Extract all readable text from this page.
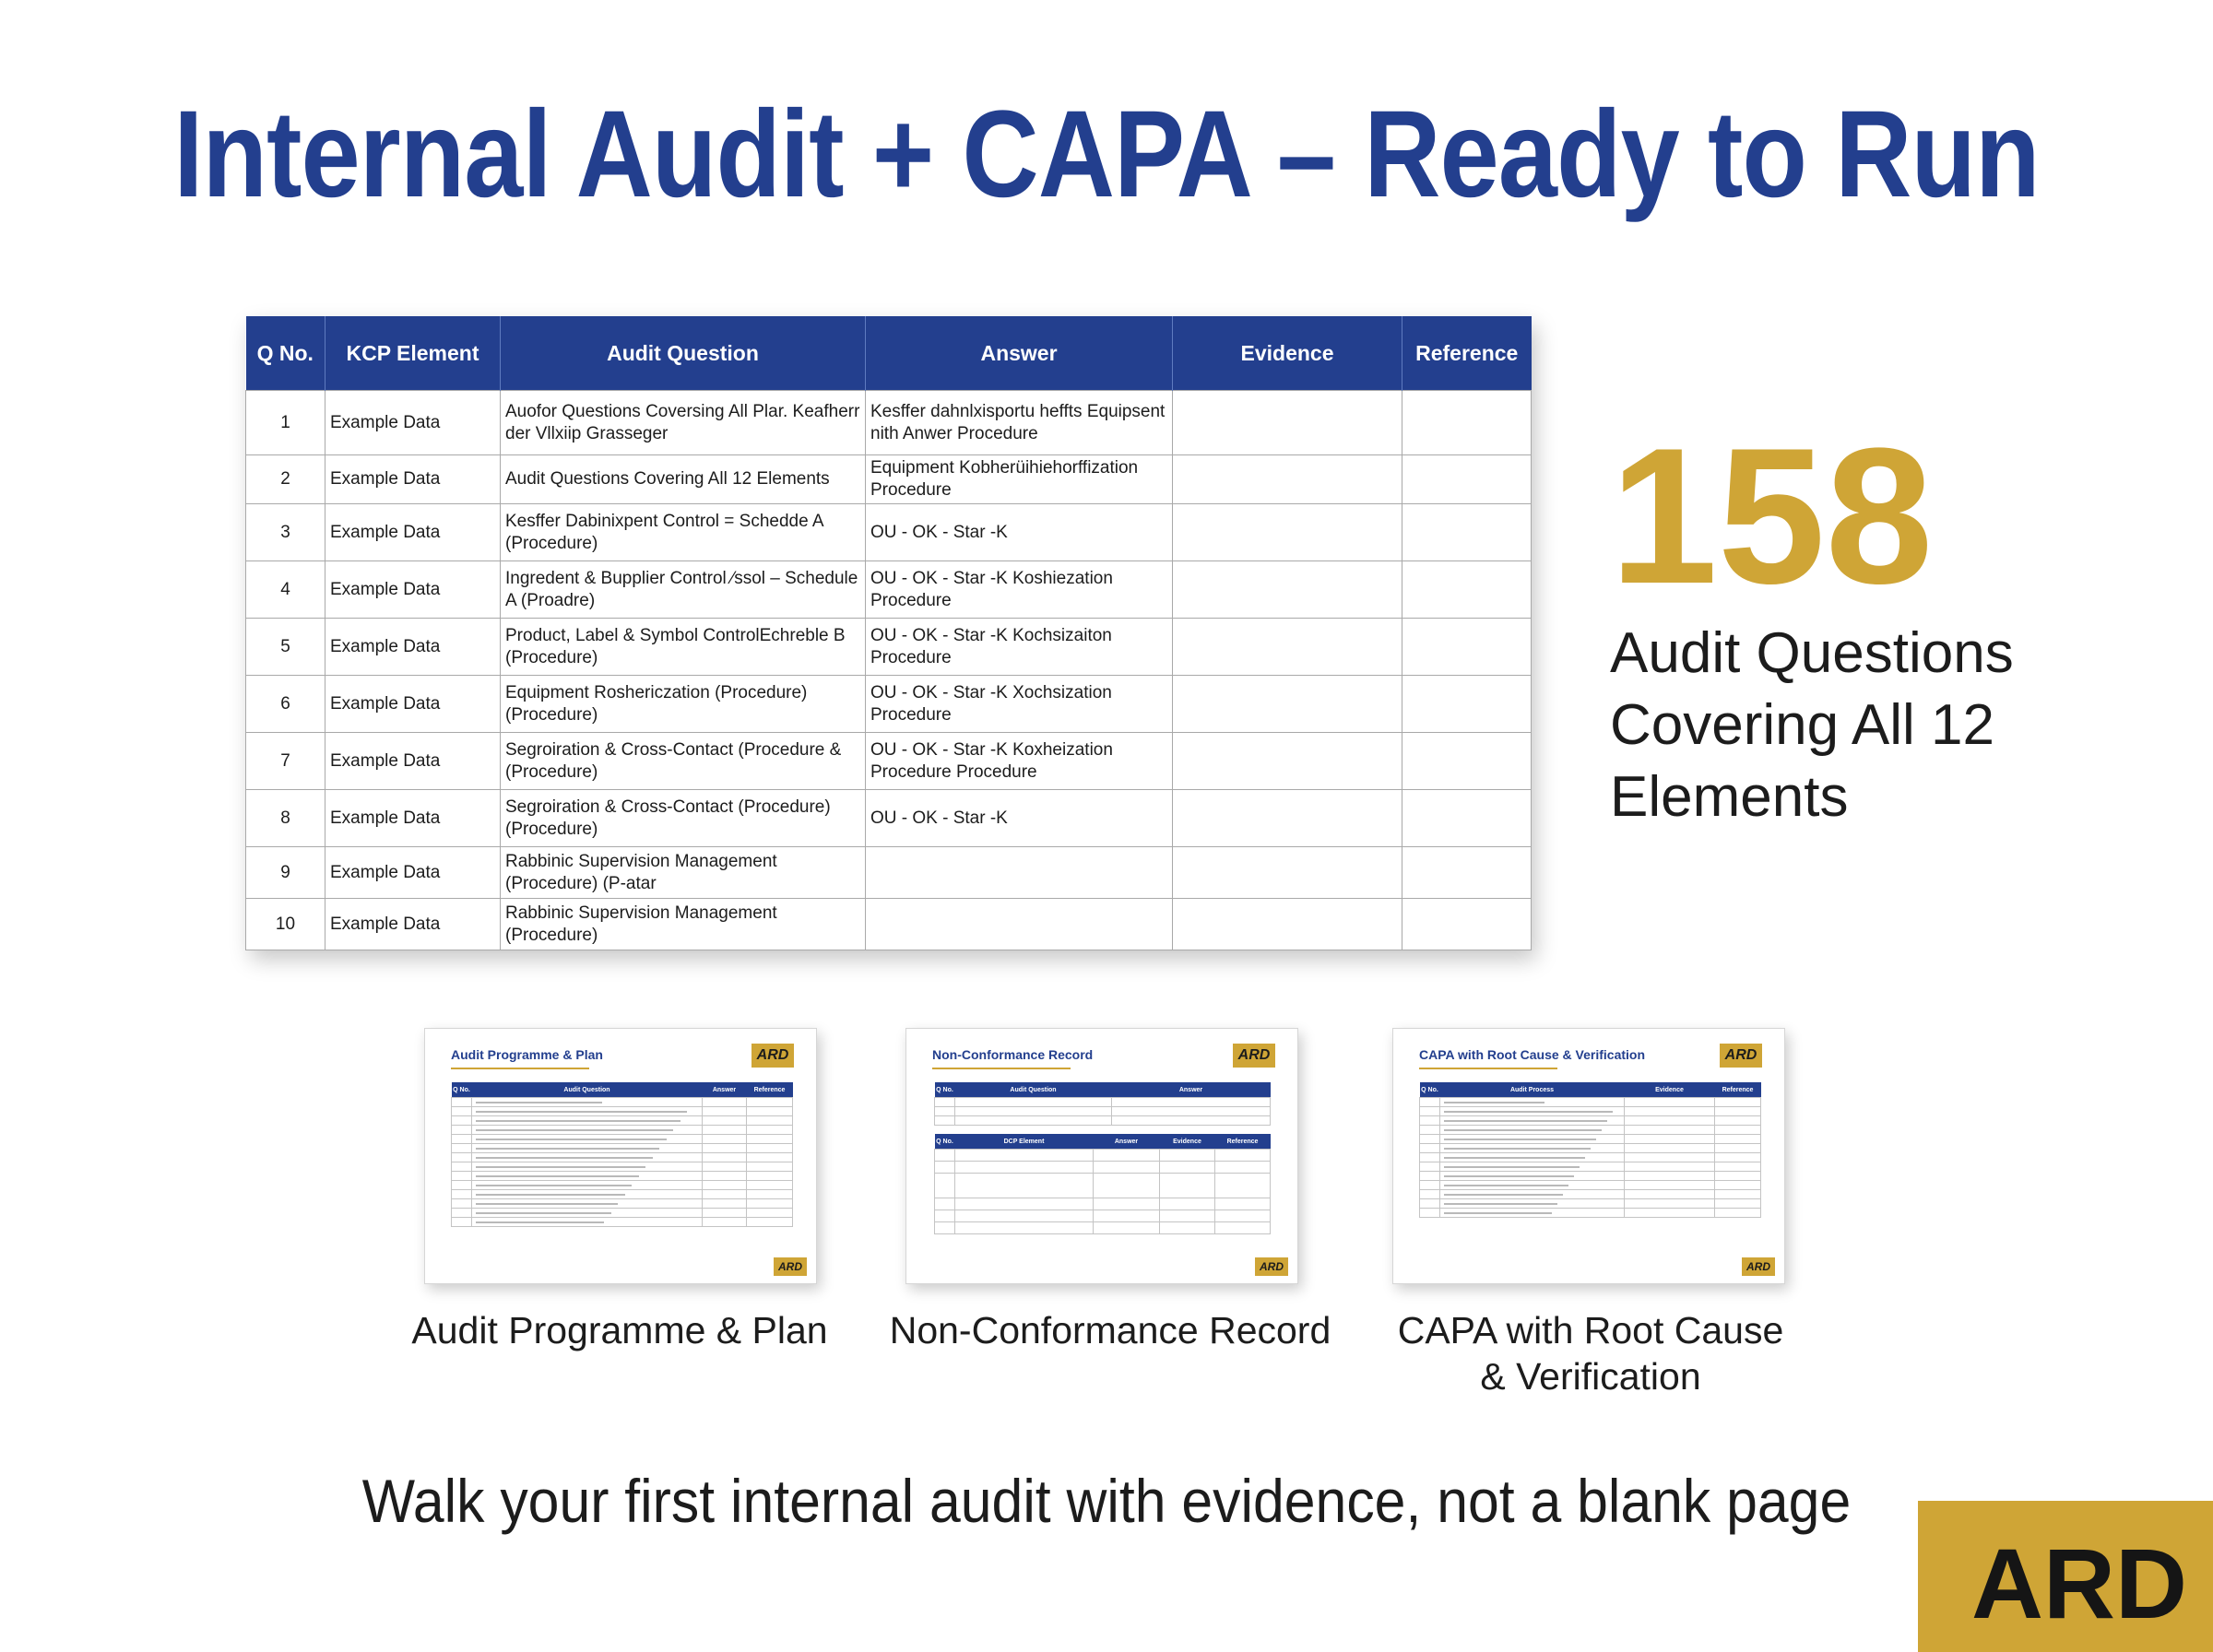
Internal Audit + CAPA – Ready to Run
Q No.	KCP Element	Audit Question	Answer	Evidence	Reference
1	Example Data	Auofor Questions Coversing All Plar. Keafherr der Vllxiip Grasseger	Kesffer dahnlxisportu heffts Equipsent nith Anwer Procedure		
2	Example Data	Audit Questions Covering All 12 Elements	Equipment Kobherüihiehorffization Procedure		
3	Example Data	Kesffer Dabinixpent Control = Schedde A (Procedure)	OU - OK - Star -K		
4	Example Data	Ingredent & Bupplier Control ⁄ssol – Schedule A (Proadre)	OU - OK - Star -K Koshiezation Procedure		
5	Example Data	Product, Label & Symbol ControlEchreble B (Procedure)	OU - OK - Star -K Kochsizaiton Procedure		
6	Example Data	Equipment Roshericzation (Procedure) (Procedure)	OU - OK - Star -K Xochsization Procedure		
7	Example Data	Segroiration & Cross-Contact (Procedure & (Procedure)	OU - OK - Star -K Koxheization Procedure Procedure		
8	Example Data	Segroiration & Cross-Contact (Procedure) (Procedure)	OU - OK - Star -K		
9	Example Data	Rabbinic Supervision Management (Procedure) (P-atar			
10	Example Data	Rabbinic Supervision Management (Procedure)			
158
Audit Questions Covering All 12 Elements
Audit Programme & Plan	ARD
Q No.	Audit Question	Answer	Reference

ARD
Non-Conformance Record	ARD
Q No.	Audit Question	Answer

Q No.	DCP Element	Answer	Evidence	Reference

ARD
CAPA with Root Cause & Verification	ARD
Q No.	Audit Process	Evidence	Reference

ARD
Audit Programme & Plan	Non-Conformance Record	CAPA with Root Cause & Verification
Walk your first internal audit with evidence, not a blank page
ARD
